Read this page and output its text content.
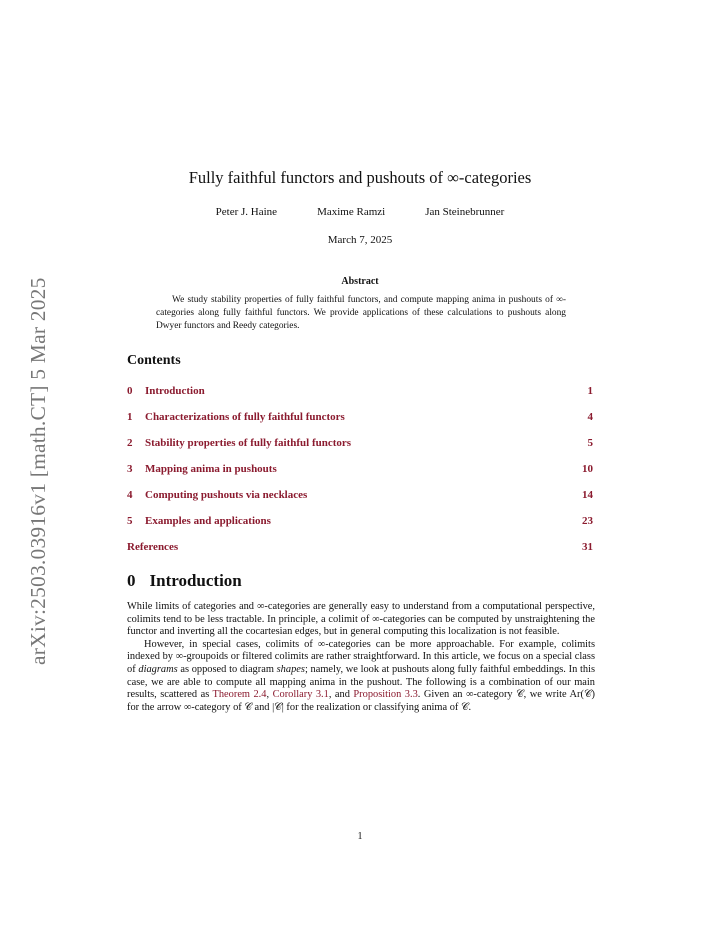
arXiv:2503.03916v1 [math.CT] 5 Mar 2025
Fully faithful functors and pushouts of ∞-categories
Peter J. Haine	Maxime Ramzi	Jan Steinebrunner
March 7, 2025
Abstract
We study stability properties of fully faithful functors, and compute mapping anima in pushouts of ∞-categories along fully faithful functors. We provide applications of these calculations to pushouts along Dwyer functors and Reedy categories.
Contents
0	Introduction	1
1	Characterizations of fully faithful functors	4
2	Stability properties of fully faithful functors	5
3	Mapping anima in pushouts	10
4	Computing pushouts via necklaces	14
5	Examples and applications	23
References	31
0 Introduction

While limits of categories and ∞-categories are generally easy to understand from a computational perspective, colimits tend to be less tractable. In principle, a colimit of ∞-categories can be computed by unstraightening the functor and inverting all the cocartesian edges, but in general computing this localization is not feasible.

However, in special cases, colimits of ∞-categories can be more approachable. For example, colimits indexed by ∞-groupoids or filtered colimits are rather straightforward. In this article, we focus on a special class of diagrams as opposed to diagram shapes; namely, we look at pushouts along fully faithful embeddings. In this case, we are able to compute all mapping anima in the pushout. The following is a combination of our main results, scattered as Theorem 2.4, Corollary 3.1, and Proposition 3.3. Given an ∞-category 𝒞, we write Ar(𝒞) for the arrow ∞-category of 𝒞 and |𝒞| for the realization or classifying anima of 𝒞.

1
